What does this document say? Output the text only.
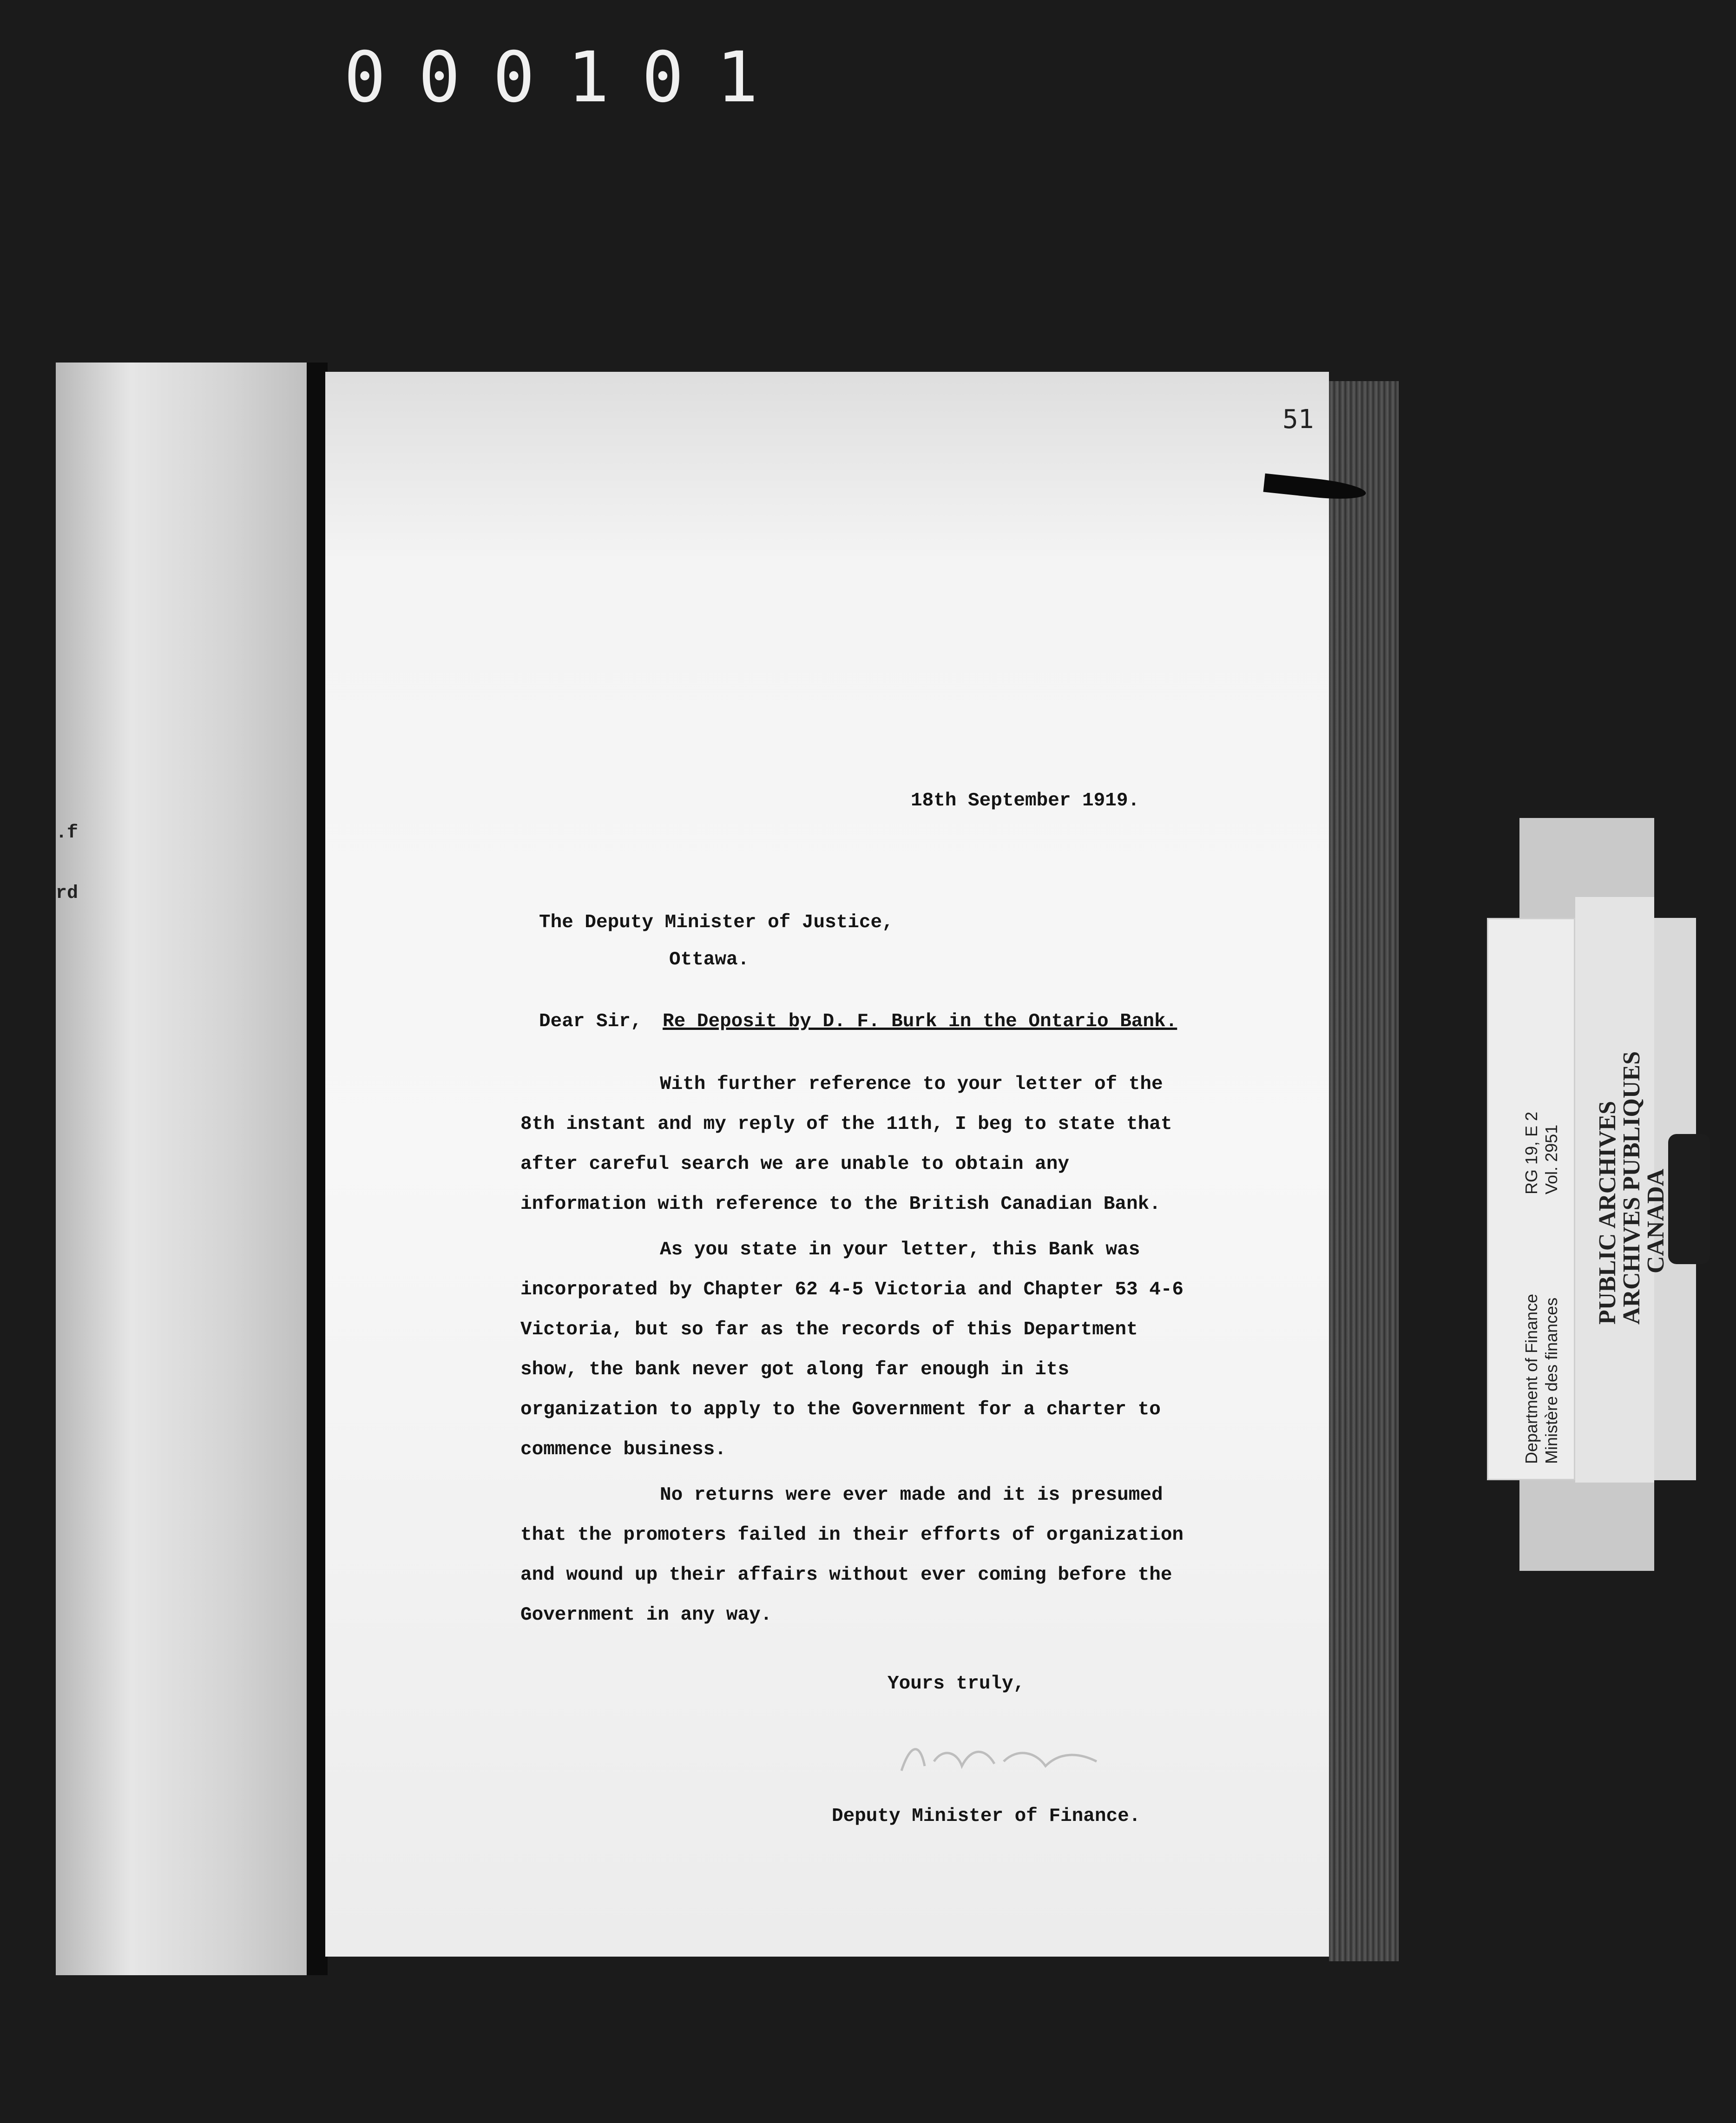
000101
.f
rd
51
18th September 1919.
The Deputy Minister of Justice,
Ottawa.
Dear Sir, Re Deposit by D. F. Burk in the Ontario Bank.

With further reference to your letter of the 8th instant and my reply of the 11th, I beg to state that after careful search we are unable to obtain any information with reference to the British Canadian Bank.

As you state in your letter, this Bank was incorporated by Chapter 62 4-5 Victoria and Chapter 53 4-6 Victoria, but so far as the records of this Department show, the bank never got along far enough in its organization to apply to the Government for a charter to commence business.

No returns were ever made and it is presumed that the promoters failed in their efforts of organization and wound up their affairs without ever coming before the Government in any way.

Yours truly,
Deputy Minister of Finance.
Department of Finance Ministère des finances
RG 19, E 2 Vol. 2951 PUBLIC ARCHIVES
ARCHIVES PUBLIQUES
CANADA
